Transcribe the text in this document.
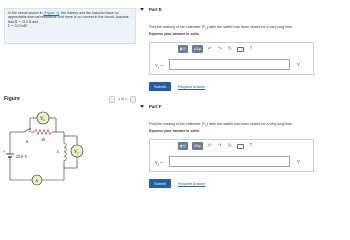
In the circuit shown in (Figure 1), the battery and the inductor have no appreciable internal resistance and there is no current in the circuit. Assume that R = 15.0 Ω and
L = 12.0 mH.
Figure	‹	1 of 1	›
$V_2$
S	R
+
25.0 V
L	$V_1$
A
Part E
Find the reading of the voltmeter $(V_1)$ after the switch has been closed for a very long time.
Express your answer in volts.
▮√▯	ΑΣφ	↶ ↷ ↻	⋯	?
$V_1$ =	V
Submit	Request Answer
Part F
Find the reading of the voltmeter $(V_2)$ after the switch has been closed for a very long time.
Express your answer in volts.
▮√▯	ΑΣφ	↶ ↷ ↻	⋯	?
$V_2$ =	V
Submit	Request Answer
